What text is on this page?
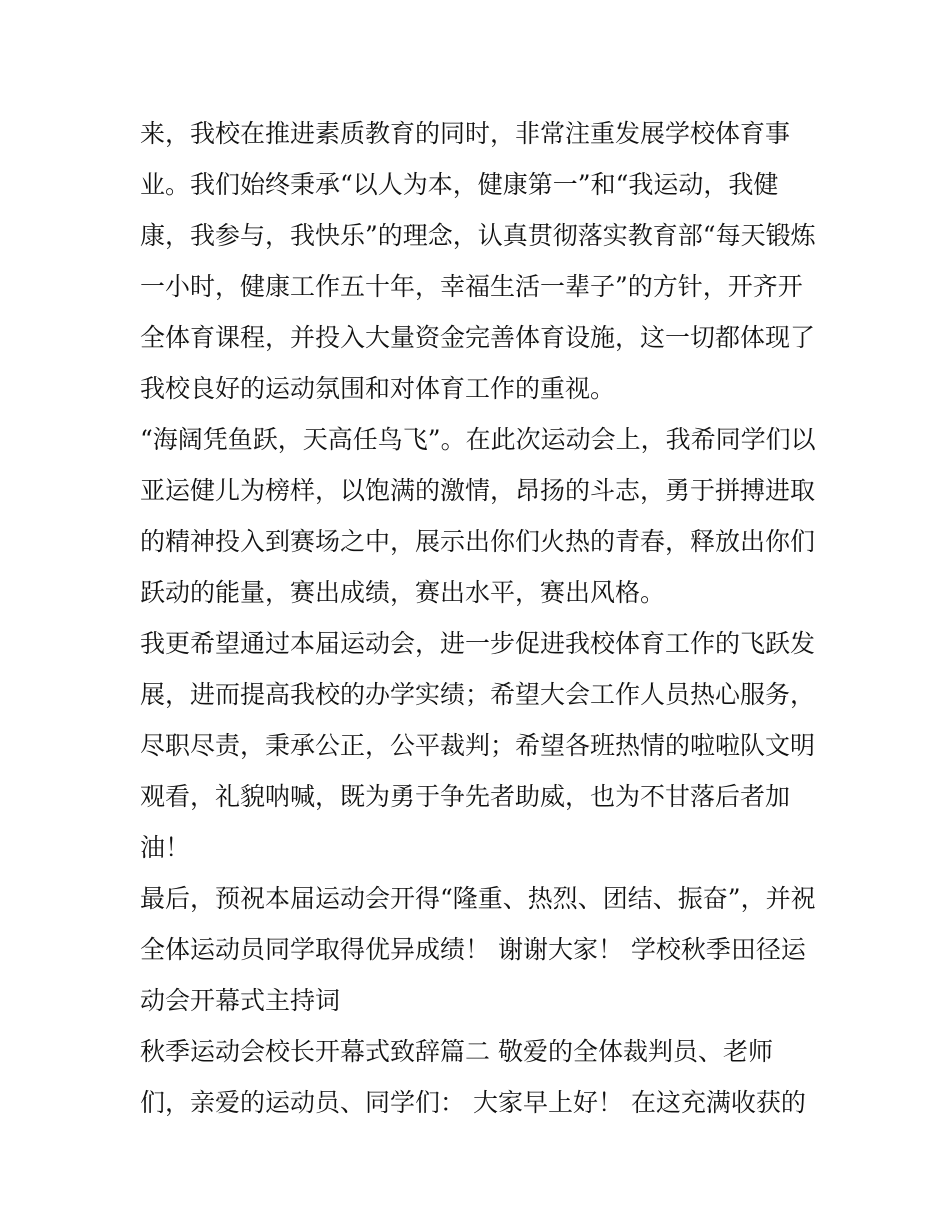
来，我校在推进素质教育的同时，非常注重发展学校体育事
业。我们始终秉承“以人为本，健康第一”和“我运动，我健
康，我参与，我快乐”的理念，认真贯彻落实教育部“每天锻炼
一小时，健康工作五十年，幸福生活一辈子”的方针，开齐开
全体育课程，并投入大量资金完善体育设施，这一切都体现了
我校良好的运动氛围和对体育工作的重视。
“海阔凭鱼跃，天高任鸟飞”。在此次运动会上，我希同学们以
亚运健儿为榜样，以饱满的激情，昂扬的斗志，勇于拼搏进取
的精神投入到赛场之中，展示出你们火热的青春，释放出你们
跃动的能量，赛出成绩，赛出水平，赛出风格。
我更希望通过本届运动会，进一步促进我校体育工作的飞跃发
展，进而提高我校的办学实绩；希望大会工作人员热心服务，
尽职尽责，秉承公正，公平裁判；希望各班热情的啦啦队文明
观看，礼貌呐喊，既为勇于争先者助威，也为不甘落后者加
油！
最后，预祝本届运动会开得“隆重、热烈、团结、振奋”，并祝
全体运动员同学取得优异成绩！ 谢谢大家！ 学校秋季田径运
动会开幕式主持词
秋季运动会校长开幕式致辞篇二 敬爱的全体裁判员、老师
们，亲爱的运动员、同学们： 大家早上好！ 在这充满收获的
